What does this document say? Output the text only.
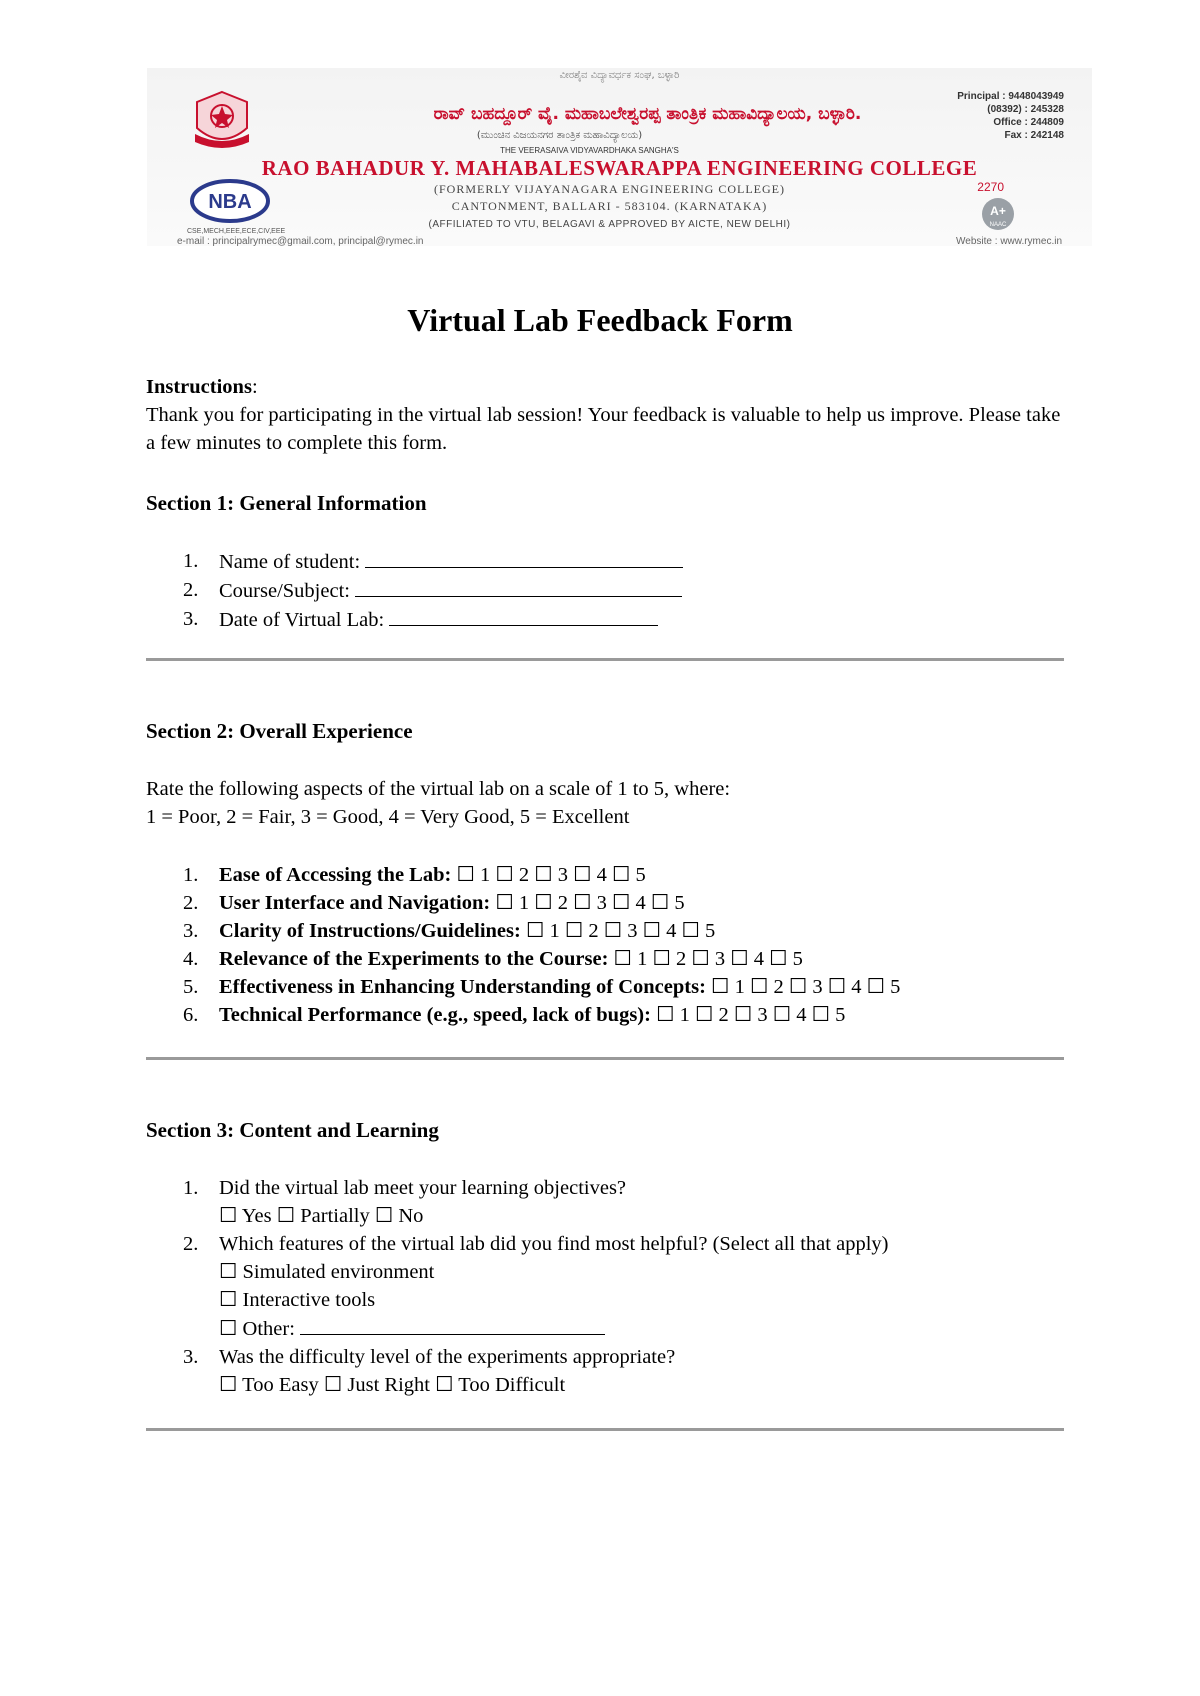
ವೀರಶೈವ ವಿದ್ಯಾವರ್ಧಕ ಸಂಘ, ಬಳ್ಳಾರಿ
ರಾವ್ ಬಹದ್ದೂರ್ ವೈ. ಮಹಾಬಲೇಶ್ವರಪ್ಪ ತಾಂತ್ರಿಕ ಮಹಾವಿದ್ಯಾಲಯ, ಬಳ್ಳಾರಿ.
(ಮುಂಚಿನ ವಿಜಯನಗರ ತಾಂತ್ರಿಕ ಮಹಾವಿದ್ಯಾಲಯ)
THE VEERASAIVA VIDYAVARDHAKA SANGHA'S
RAO BAHADUR Y. MAHABALESWARAPPA ENGINEERING COLLEGE
(FORMERLY VIJAYANAGARA ENGINEERING COLLEGE)
CANTONMENT, BALLARI - 583104. (KARNATAKA)
(AFFILIATED TO VTU, BELAGAVI & APPROVED BY AICTE, NEW DELHI)
NBA
CSE,MECH,EEE,ECE,CIV,EEE
Principal : 9448043949
(08392) : 245328
Office : 244809
Fax : 242148
2270
A+
NAAC
e-mail : principalrymec@gmail.com, principal@rymec.in	Website : www.rymec.in
Virtual Lab Feedback Form

Instructions:

Thank you for participating in the virtual lab session! Your feedback is valuable to help us improve. Please take a few minutes to complete this form.

Section 1: General Information

1. Name of student:
2. Course/Subject:
3. Date of Virtual Lab:

Section 2: Overall Experience

Rate the following aspects of the virtual lab on a scale of 1 to 5, where:

1 = Poor, 2 = Fair, 3 = Good, 4 = Very Good, 5 = Excellent

1. Ease of Accessing the Lab: ☐ 1 ☐ 2 ☐ 3 ☐ 4 ☐ 5
2. User Interface and Navigation: ☐ 1 ☐ 2 ☐ 3 ☐ 4 ☐ 5
3. Clarity of Instructions/Guidelines: ☐ 1 ☐ 2 ☐ 3 ☐ 4 ☐ 5
4. Relevance of the Experiments to the Course: ☐ 1 ☐ 2 ☐ 3 ☐ 4 ☐ 5
5. Effectiveness in Enhancing Understanding of Concepts: ☐ 1 ☐ 2 ☐ 3 ☐ 4 ☐ 5
6. Technical Performance (e.g., speed, lack of bugs): ☐ 1 ☐ 2 ☐ 3 ☐ 4 ☐ 5

Section 3: Content and Learning

1. Did the virtual lab meet your learning objectives?
☐ Yes ☐ Partially ☐ No
2. Which features of the virtual lab did you find most helpful? (Select all that apply)
☐ Simulated environment
☐ Interactive tools
☐ Other:
3. Was the difficulty level of the experiments appropriate?
☐ Too Easy ☐ Just Right ☐ Too Difficult
